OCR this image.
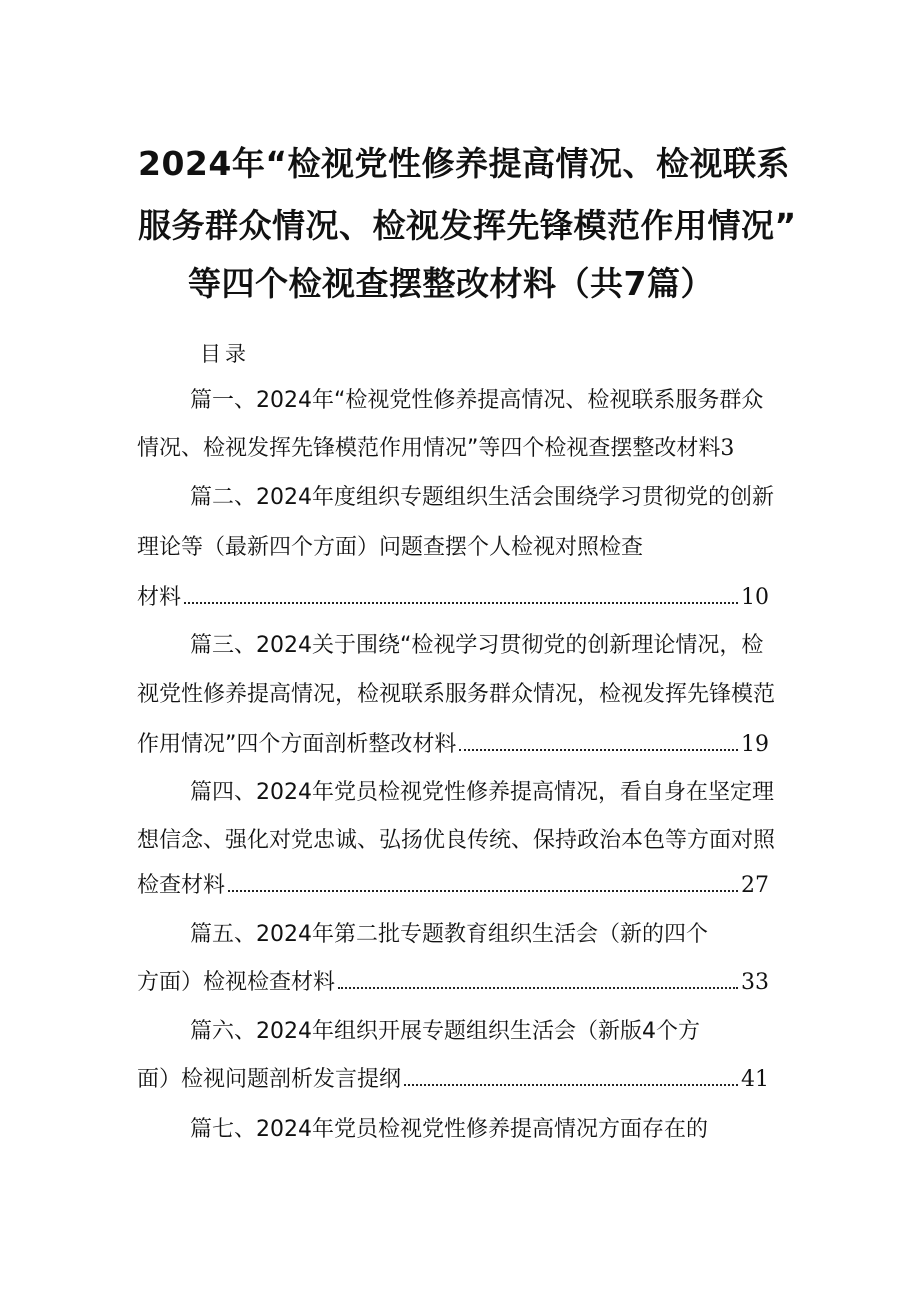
2024年“检视党性修养提高情况、检视联系
服务群众情况、检视发挥先锋模范作用情况”
等四个检视查摆整改材料（共7篇）
目录
篇一、2024年“检视党性修养提高情况、检视联系服务群众
情况、检视发挥先锋模范作用情况”等四个检视查摆整改材料3
篇二、2024年度组织专题组织生活会围绕学习贯彻党的创新
理论等（最新四个方面）问题查摆个人检视对照检查
材料	10
篇三、2024关于围绕“检视学习贯彻党的创新理论情况，检
视党性修养提高情况，检视联系服务群众情况，检视发挥先锋模范
作用情况”四个方面剖析整改材料	19
篇四、2024年党员检视党性修养提高情况，看自身在坚定理
想信念、强化对党忠诚、弘扬优良传统、保持政治本色等方面对照
检查材料	27
篇五、2024年第二批专题教育组织生活会（新的四个
方面）检视检查材料	33
篇六、2024年组织开展专题组织生活会（新版4个方
面）检视问题剖析发言提纲	41
篇七、2024年党员检视党性修养提高情况方面存在的
